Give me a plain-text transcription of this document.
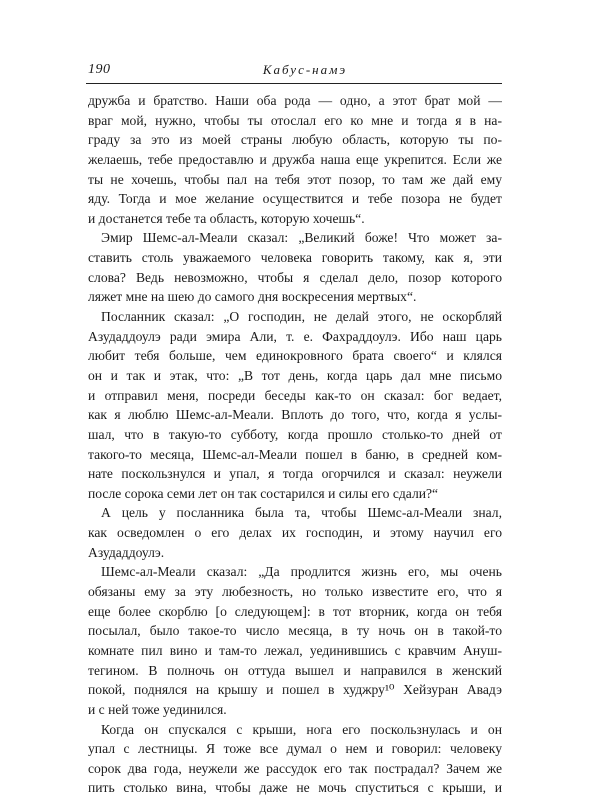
190	Кабус-намэ
дружба и братство. Наши оба рода — одно, а этот брат мой —
враг мой, нужно, чтобы ты отослал его ко мне и тогда я в на-
граду за это из моей страны любую область, которую ты по-
желаешь, тебе предоставлю и дружба наша еще укрепится. Если же
ты не хочешь, чтобы пал на тебя этот позор, то там же дай ему
яду. Тогда и мое желание осуществится и тебе позора не будет
и достанется тебе та область, которую хочешь“.
Эмир Шемс-ал-Меали сказал: „Великий боже! Что может за-
ставить столь уважаемого человека говорить такому, как я, эти
слова? Ведь невозможно, чтобы я сделал дело, позор которого
ляжет мне на шею до самого дня воскресения мертвых“.
Посланник сказал: „О господин, не делай этого, не оскорбляй
Азудаддоулэ ради эмира Али, т. е. Фахраддоулэ. Ибо наш царь
любит тебя больше, чем единокровного брата своего“ и клялся
он и так и этак, что: „В тот день, когда царь дал мне письмо
и отправил меня, посреди беседы как-то он сказал: бог ведает,
как я люблю Шемс-ал-Меали. Вплоть до того, что, когда я услы-
шал, что в такую-то субботу, когда прошло столько-то дней от
такого-то месяца, Шемс-ал-Меали пошел в баню, в средней ком-
нате поскользнулся и упал, я тогда огорчился и сказал: неужели
после сорока семи лет он так состарился и силы его сдали?“
А цель у посланника была та, чтобы Шемс-ал-Меали знал,
как осведомлен о его делах их господин, и этому научил его
Азудаддоулэ.
Шемс-ал-Меали сказал: „Да продлится жизнь его, мы очень
обязаны ему за эту любезность, но только известите его, что я
еще более скорблю [о следующем]: в тот вторник, когда он тебя
посылал, было такое-то число месяца, в ту ночь он в такой-то
комнате пил вино и там-то лежал, уединившись с кравчим Ануш-
тегином. В полночь он оттуда вышел и направился в женский
покой, поднялся на крышу и пошел в худжру¹⁰ Хейзуран Авадэ
и с ней тоже уединился.
Когда он спускался с крыши, нога его поскользнулась и он
упал с лестницы. Я тоже все думал о нем и говорил: человеку
сорок два года, неужели же рассудок его так пострадал? Зачем же
пить столько вина, чтобы даже не мочь спуститься с крыши, и
